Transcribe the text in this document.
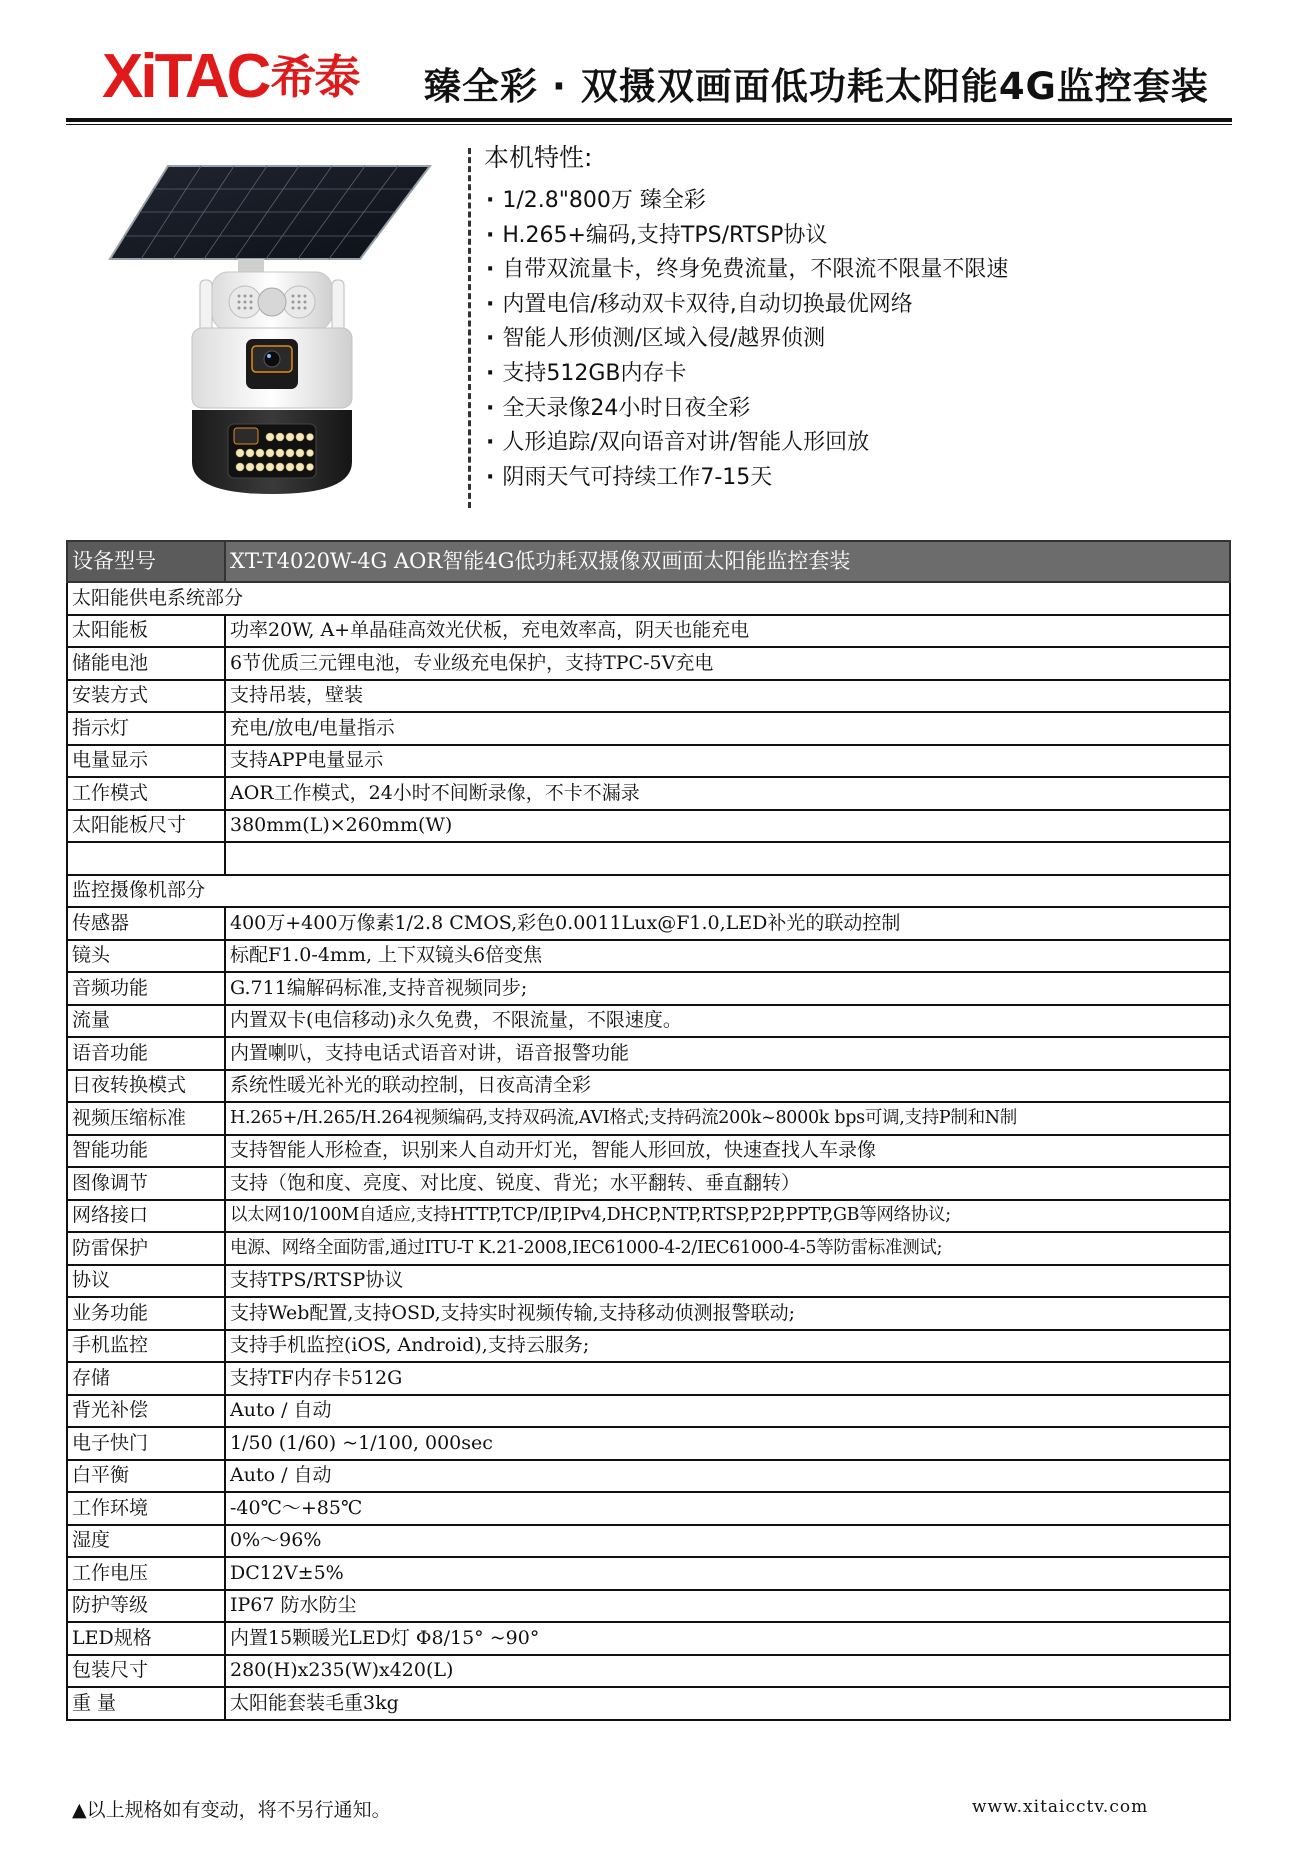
XiTAC 希泰 臻全彩 · 双摄双画面低功耗太阳能4G监控套装
本机特性:
· 1/2.8"800万 臻全彩
· H.265+编码,支持TPS/RTSP协议
· 自带双流量卡，终身免费流量，不限流不限量不限速
· 内置电信/移动双卡双待,自动切换最优网络
· 智能人形侦测/区域入侵/越界侦测
· 支持512GB内存卡
· 全天录像24小时日夜全彩
· 人形追踪/双向语音对讲/智能人形回放
· 阴雨天气可持续工作7-15天
设备型号	XT-T4020W-4G AOR智能4G低功耗双摄像双画面太阳能监控套装
太阳能供电系统部分	
太阳能板	功率20W, A+单晶硅高效光伏板，充电效率高，阴天也能充电
储能电池	6节优质三元锂电池，专业级充电保护，支持TPC-5V充电
安装方式	支持吊装，壁装
指示灯	充电/放电/电量指示
电量显示	支持APP电量显示
工作模式	AOR工作模式，24小时不间断录像，不卡不漏录
太阳能板尺寸	380mm(L)×260mm(W)

监控摄像机部分	
传感器	400万+400万像素1/2.8 CMOS,彩色0.0011Lux@F1.0,LED补光的联动控制
镜头	标配F1.0-4mm, 上下双镜头6倍变焦
音频功能	G.711编解码标准,支持音视频同步;
流量	内置双卡(电信移动)永久免费，不限流量，不限速度。
语音功能	内置喇叭，支持电话式语音对讲，语音报警功能
日夜转换模式	系统性暖光补光的联动控制，日夜高清全彩
视频压缩标准	H.265+/H.265/H.264视频编码,支持双码流,AVI格式;支持码流200k~8000k bps可调,支持P制和N制
智能功能	支持智能人形检查，识别来人自动开灯光，智能人形回放，快速查找人车录像
图像调节	支持（饱和度、亮度、对比度、锐度、背光；水平翻转、垂直翻转）
网络接口	以太网10/100M自适应,支持HTTP,TCP/IP,IPv4,DHCP,NTP,RTSP,P2P,PPTP,GB等网络协议;
防雷保护	电源、网络全面防雷,通过ITU-T K.21-2008,IEC61000-4-2/IEC61000-4-5等防雷标准测试;
协议	支持TPS/RTSP协议
业务功能	支持Web配置,支持OSD,支持实时视频传输,支持移动侦测报警联动;
手机监控	支持手机监控(iOS, Android),支持云服务;
存储	支持TF内存卡512G
背光补偿	Auto / 自动
电子快门	1/50 (1/60) ~1/100, 000sec
白平衡	Auto / 自动
工作环境	-40℃～+85℃
湿度	0%～96%
工作电压	DC12V±5%
防护等级	IP67 防水防尘
LED规格	内置15颗暖光LED灯 Φ8/15° ~90°
包装尺寸	280(H)x235(W)x420(L)
重 量	太阳能套装毛重3kg
▲以上规格如有变动，将不另行通知。	www.xitaicctv.com
